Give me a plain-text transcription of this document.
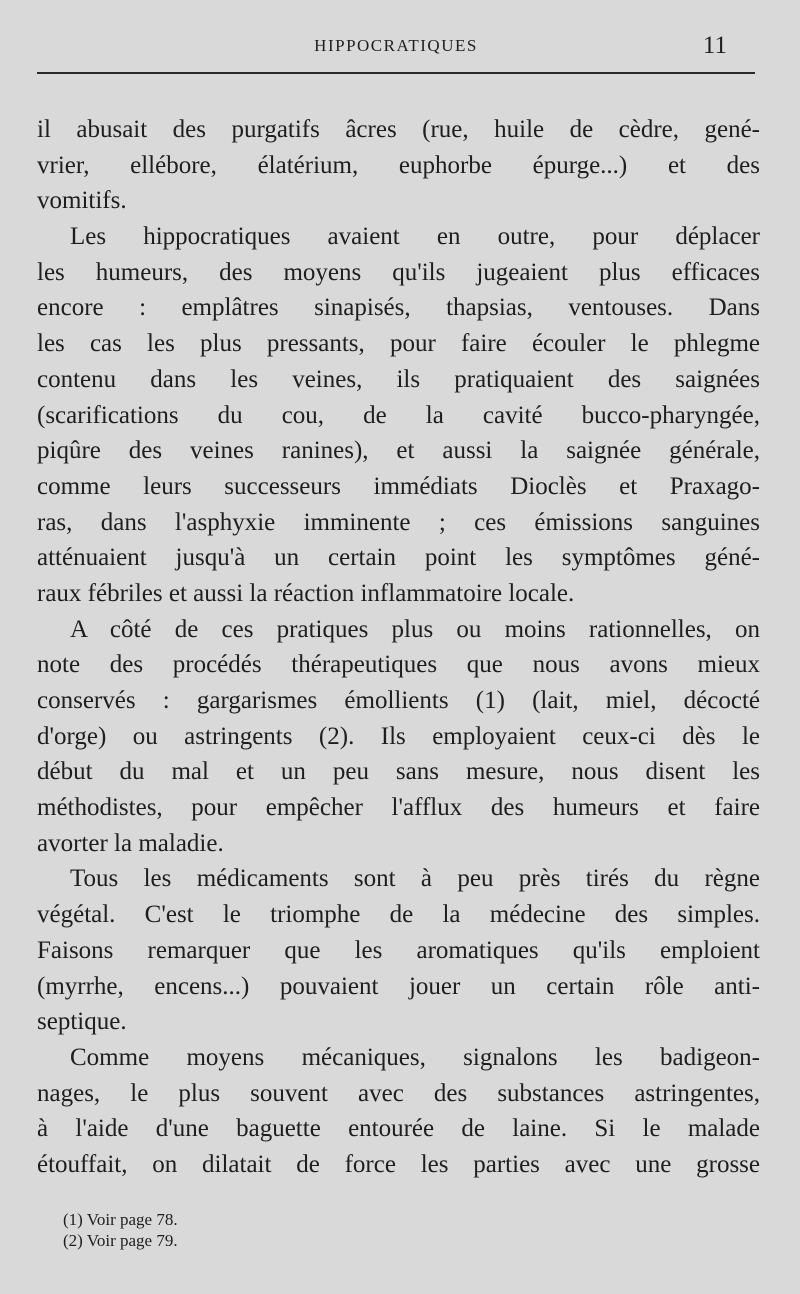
HIPPOCRATIQUES	11
il abusait des purgatifs âcres (rue, huile de cèdre, gené-
vrier, ellébore, élatérium, euphorbe épurge...) et des
vomitifs.
Les hippocratiques avaient en outre, pour déplacer
les humeurs, des moyens qu'ils jugeaient plus efficaces
encore : emplâtres sinapisés, thapsias, ventouses. Dans
les cas les plus pressants, pour faire écouler le phlegme
contenu dans les veines, ils pratiquaient des saignées
(scarifications du cou, de la cavité bucco-pharyngée,
piqûre des veines ranines), et aussi la saignée générale,
comme leurs successeurs immédiats Dioclès et Praxago-
ras, dans l'asphyxie imminente ; ces émissions sanguines
atténuaient jusqu'à un certain point les symptômes géné-
raux fébriles et aussi la réaction inflammatoire locale.
A côté de ces pratiques plus ou moins rationnelles, on
note des procédés thérapeutiques que nous avons mieux
conservés : gargarismes émollients (1) (lait, miel, décocté
d'orge) ou astringents (2). Ils employaient ceux-ci dès le
début du mal et un peu sans mesure, nous disent les
méthodistes, pour empêcher l'afflux des humeurs et faire
avorter la maladie.
Tous les médicaments sont à peu près tirés du règne
végétal. C'est le triomphe de la médecine des simples.
Faisons remarquer que les aromatiques qu'ils emploient
(myrrhe, encens...) pouvaient jouer un certain rôle anti-
septique.
Comme moyens mécaniques, signalons les badigeon-
nages, le plus souvent avec des substances astringentes,
à l'aide d'une baguette entourée de laine. Si le malade
étouffait, on dilatait de force les parties avec une grosse
(1) Voir page 78.
(2) Voir page 79.
